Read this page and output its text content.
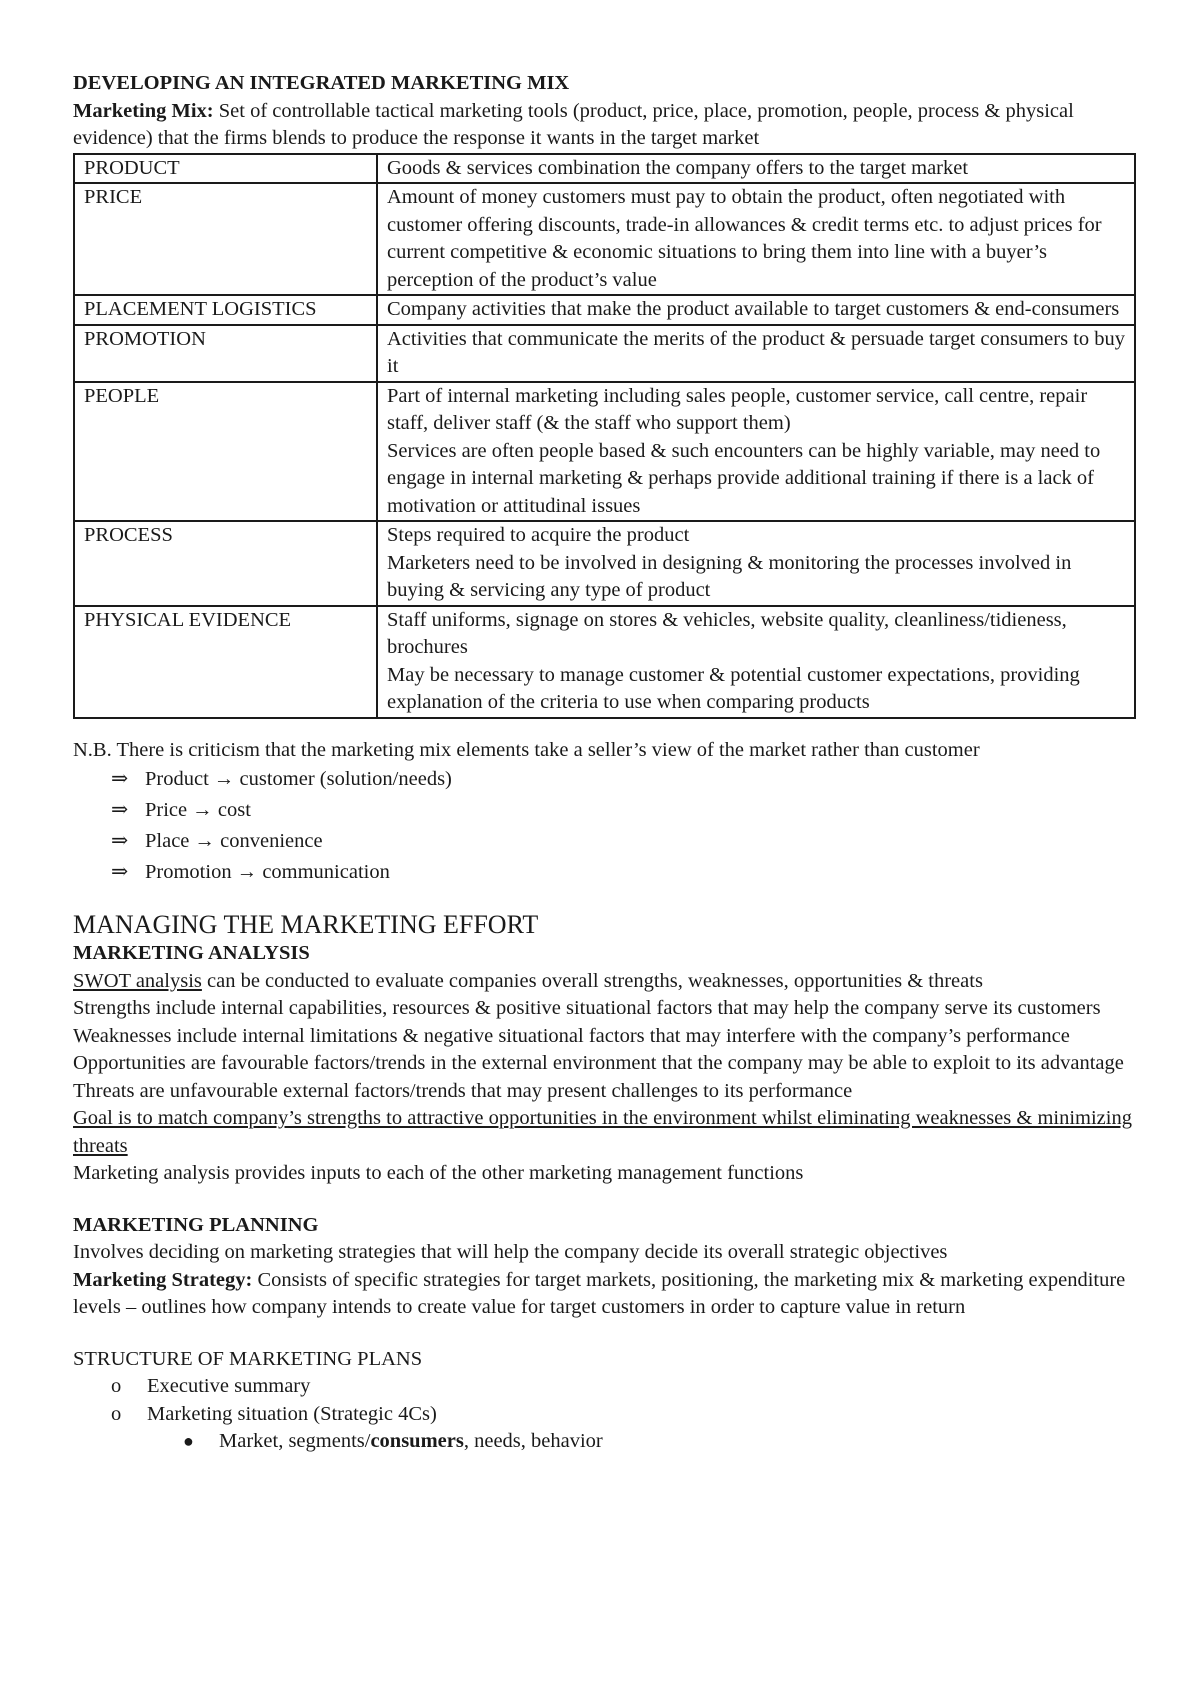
DEVELOPING AN INTEGRATED MARKETING MIX

Marketing Mix: Set of controllable tactical marketing tools (product, price, place, promotion, people, process & physical evidence) that the firms blends to produce the response it wants in the target market

PRODUCT	Goods & services combination the company offers to the target market

PRICE	Amount of money customers must pay to obtain the product, often negotiated with customer offering discounts, trade-in allowances & credit terms etc. to adjust prices for current competitive & economic situations to bring them into line with a buyer’s perception of the product’s value

PLACEMENT LOGISTICS	Company activities that make the product available to target customers & end-consumers

PROMOTION	Activities that communicate the merits of the product & persuade target consumers to buy it

PEOPLE	Part of internal marketing including sales people, customer service, call centre, repair staff, deliver staff (& the staff who support them)
Services are often people based & such encounters can be highly variable, may need to engage in internal marketing & perhaps provide additional training if there is a lack of motivation or attitudinal issues

PROCESS	Steps required to acquire the product
Marketers need to be involved in designing & monitoring the processes involved in buying & servicing any type of product

PHYSICAL EVIDENCE	Staff uniforms, signage on stores & vehicles, website quality, cleanliness/tidieness, brochures
May be necessary to manage customer & potential customer expectations, providing explanation of the criteria to use when comparing products

N.B. There is criticism that the marketing mix elements take a seller’s view of the market rather than customer

⇒ Product → customer (solution/needs)
⇒ Price → cost
⇒ Place → convenience
⇒ Promotion → communication

MANAGING THE MARKETING EFFORT

MARKETING ANALYSIS

SWOT analysis can be conducted to evaluate companies overall strengths, weaknesses, opportunities & threats

Strengths include internal capabilities, resources & positive situational factors that may help the company serve its customers

Weaknesses include internal limitations & negative situational factors that may interfere with the company’s performance

Opportunities are favourable factors/trends in the external environment that the company may be able to exploit to its advantage

Threats are unfavourable external factors/trends that may present challenges to its performance

Goal is to match company’s strengths to attractive opportunities in the environment whilst eliminating weaknesses & minimizing threats

Marketing analysis provides inputs to each of the other marketing management functions

MARKETING PLANNING

Involves deciding on marketing strategies that will help the company decide its overall strategic objectives

Marketing Strategy: Consists of specific strategies for target markets, positioning, the marketing mix & marketing expenditure levels – outlines how company intends to create value for target customers in order to capture value in return

STRUCTURE OF MARKETING PLANS

o Executive summary
o Marketing situation (Strategic 4Cs)
● Market, segments/consumers, needs, behavior
